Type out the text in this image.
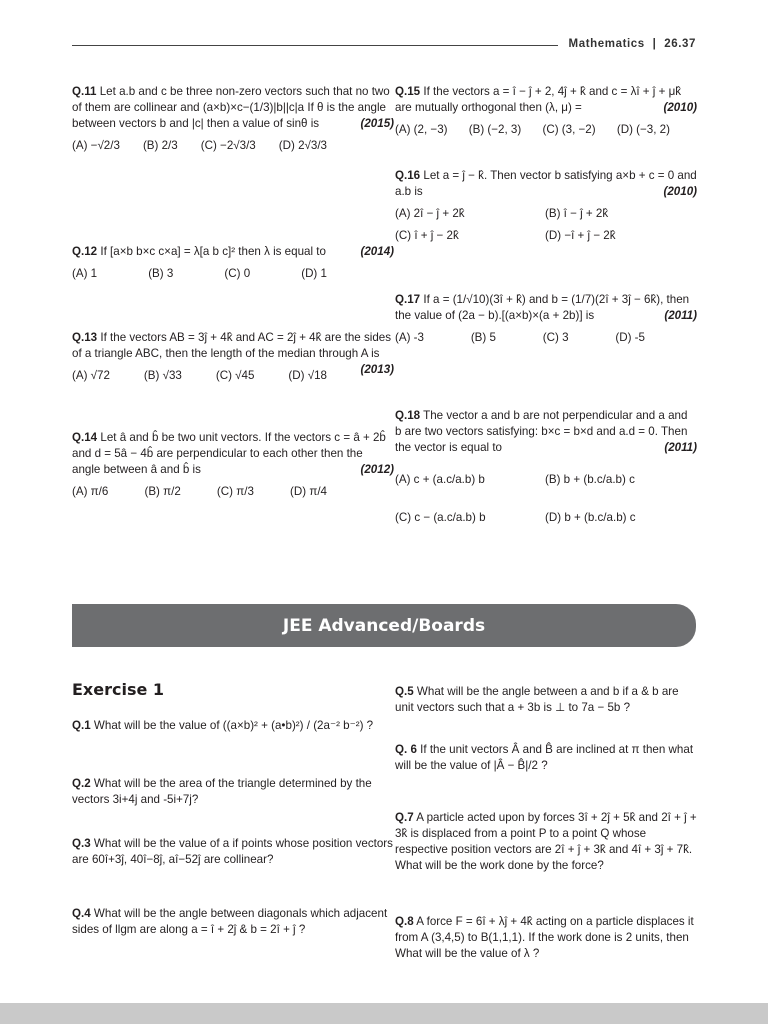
Mathematics | 26.37
Q.11 Let a.b and c be three non-zero vectors such that no two of them are collinear and (a×b)×c−(1/3)|b||c|a If θ is the angle between vectors b and |c| then a value of sinθ is	(2015)
(A) −√2/3 (B) 2/3 (C) −2√3/3 (D) 2√3/3
Q.12 If [a×b b×c c×a] = λ[a b c]² then λ is equal to	(2014)
(A) 1	(B) 3	(C) 0	(D) 1
Q.13 If the vectors AB = 3ĵ + 4k̂ and AC = 2ĵ + 4k̂ are the sides of a triangle ABC, then the length of the median through A is
(2013)
(A) √72	(B) √33	(C) √45	(D) √18
Q.14 Let â and b̂ be two unit vectors. If the vectors c = â + 2b̂ and d = 5â − 4b̂ are perpendicular to each other then the angle between â and b̂ is	(2012)
(A) π/6	(B) π/2	(C) π/3	(D) π/4
Q.15 If the vectors a = î − ĵ + 2, 4ĵ + k̂ and c = λî + ĵ + μk̂ are mutually orthogonal then (λ, μ) =	(2010)
(A) (2, −3) (B) (−2, 3) (C) (3, −2) (D) (−3, 2)
Q.16 Let a = ĵ − k̂. Then vector b satisfying a×b + c = 0 and a.b is	(2010)
(A) 2î − ĵ + 2k̂	(B) î − ĵ + 2k̂
(C) î + ĵ − 2k̂	(D) −î + ĵ − 2k̂
Q.17 If a = (1/√10)(3î + k̂) and b = (1/7)(2î + 3ĵ − 6k̂), then the value of (2a − b).[(a×b)×(a + 2b)] is	(2011)
(A) -3	(B) 5	(C) 3	(D) -5
Q.18 The vector a and b are not perpendicular and a and b are two vectors satisfying: b×c = b×d and a.d = 0. Then the vector is equal to	(2011)
(A) c + (a.c/a.b) b	(B) b + (b.c/a.b) c
(C) c − (a.c/a.b) b	(D) b + (b.c/a.b) c
JEE Advanced/Boards
Exercise 1
Q.1 What will be the value of ((a×b)² + (a•b)²) / (2a⁻² b⁻²) ?
Q.2 What will be the area of the triangle determined by the vectors 3i+4j and -5i+7j?
Q.3 What will be the value of a if points whose position vectors are 60î+3ĵ, 40î−8ĵ, aî−52ĵ are collinear?
Q.4 What will be the angle between diagonals which adjacent sides of llgm are along a = î + 2ĵ & b = 2î + ĵ ?
Q.5 What will be the angle between a and b if a & b are unit vectors such that a + 3b is ⊥ to 7a − 5b ?
Q. 6 If the unit vectors Â and B̂ are inclined at π then what will be the value of |Â − B̂|/2 ?
Q.7 A particle acted upon by forces 3î + 2ĵ + 5k̂ and 2î + ĵ + 3k̂ is displaced from a point P to a point Q whose respective position vectors are 2î + ĵ + 3k̂ and 4î + 3ĵ + 7k̂. What will be the work done by the force?
Q.8 A force F = 6î + λĵ + 4k̂ acting on a particle displaces it from A (3,4,5) to B(1,1,1). If the work done is 2 units, then What will be the value of λ ?
